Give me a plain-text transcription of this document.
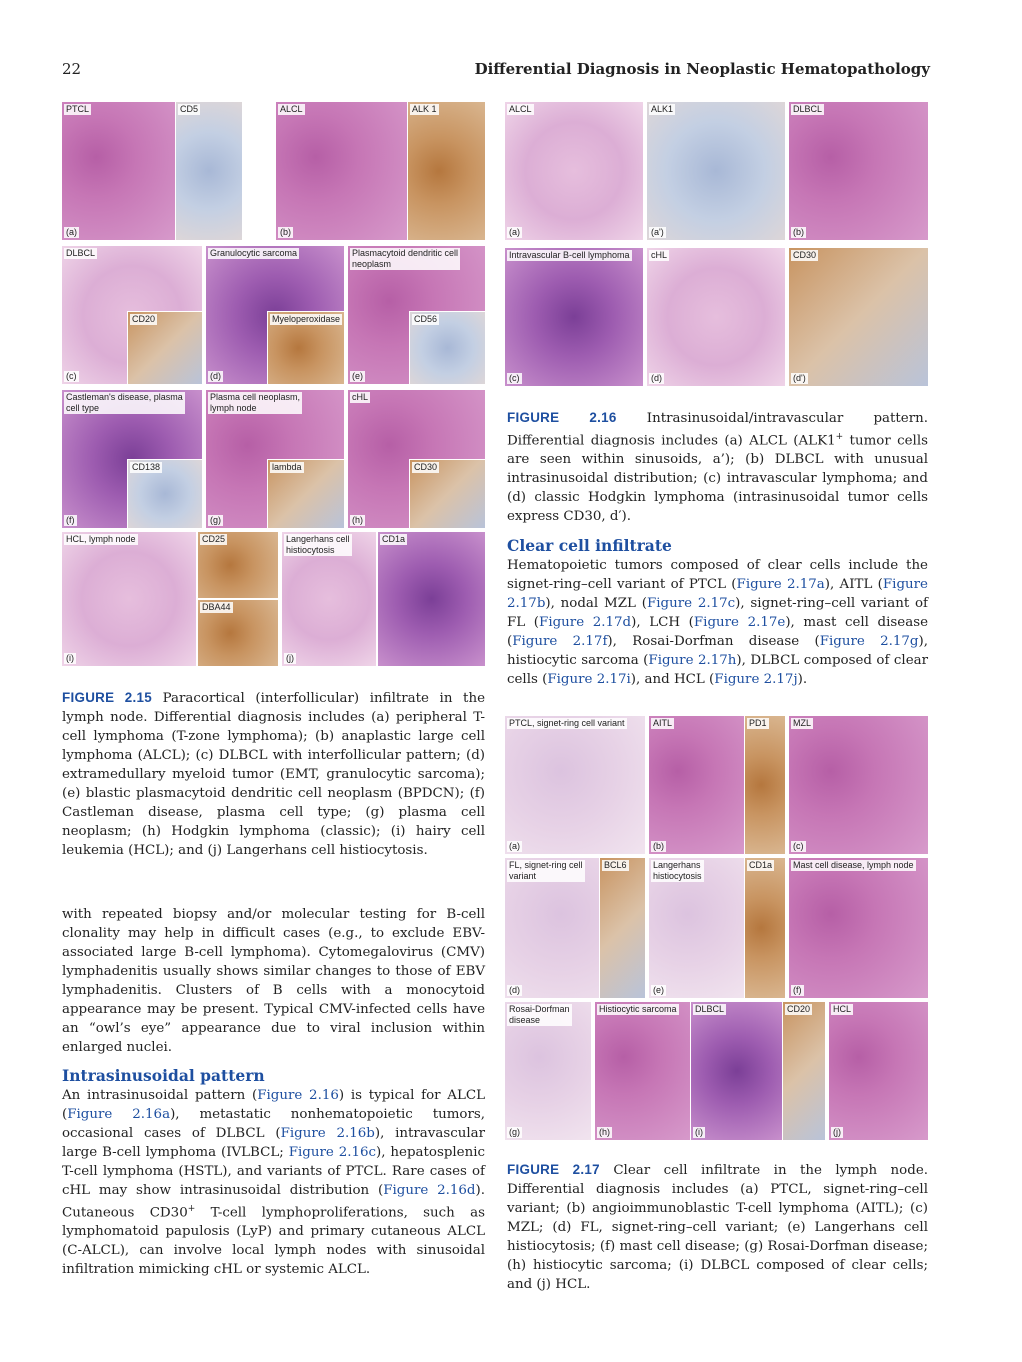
22	Differential Diagnosis in Neoplastic Hematopathology
PTCL
(a)
CD5	ALCL
(b)
ALK 1
DLBCL
(c)
CD20
Granulocytic sarcoma
(d)
Myeloperoxidase
Plasmacytoid dendritic cell
neoplasm
(e)
CD56
Castleman's disease, plasma
cell type
(f)
CD138
Plasma cell neoplasm,
lymph node
(g)
lambda
cHL
(h)
CD30
HCL, lymph node
(i)
CD25
DBA44
Langerhans cell
histiocytosis
(j)
CD1a
FIGURE 2.15 Paracortical (interfollicular) infiltrate in the lymph node. Differential diagnosis includes (a) peripheral T-cell lymphoma (T-zone lymphoma); (b) anaplastic large cell lymphoma (ALCL); (c) DLBCL with interfollicular pattern; (d) extramedullary myeloid tumor (EMT, granulocytic sarcoma); (e) blastic plasmacytoid dendritic cell neoplasm (BPDCN); (f) Castleman disease, plasma cell type; (g) plasma cell neoplasm; (h) Hodgkin lymphoma (classic); (i) hairy cell leukemia (HCL); and (j) Langerhans cell histiocytosis.
with repeated biopsy and/or molecular testing for B-cell clonality may help in difficult cases (e.g., to exclude EBV-associated large B-cell lymphoma). Cytomegalovirus (CMV) lymphadenitis usually shows similar changes to those of EBV lymphadenitis. Clusters of B cells with a monocytoid appearance may be present. Typical CMV-infected cells have an “owl’s eye” appearance due to viral inclusion within enlarged nuclei.
Intrasinusoidal pattern
An intrasinusoidal pattern (Figure 2.16) is typical for ALCL (Figure 2.16a), metastatic nonhematopoietic tumors, occasional cases of DLBCL (Figure 2.16b), intravascular large B-cell lymphoma (IVLBCL; Figure 2.16c), hepatosplenic T-cell lymphoma (HSTL), and variants of PTCL. Rare cases of cHL may show intrasinusoidal distribution (Figure 2.16d). Cutaneous CD30+ T-cell lymphoproliferations, such as lymphomatoid papulosis (LyP) and primary cutaneous ALCL (C-ALCL), can involve local lymph nodes with sinusoidal infiltration mimicking cHL or systemic ALCL.
ALCL
(a)
ALK1
(a')
DLBCL
(b)
Intravascular B-cell lymphoma
(c)
cHL
(d)
CD30
(d')
FIGURE 2.16 Intrasinusoidal/intravascular pattern. Differential diagnosis includes (a) ALCL (ALK1+ tumor cells are seen within sinusoids, a’); (b) DLBCL with unusual intrasinusoidal distribution; (c) intravascular lymphoma; and (d) classic Hodgkin lymphoma (intrasinusoidal tumor cells express CD30, d′).
Clear cell infiltrate
Hematopoietic tumors composed of clear cells include the signet-ring–cell variant of PTCL (Figure 2.17a), AITL (Figure 2.17b), nodal MZL (Figure 2.17c), signet-ring–cell variant of FL (Figure 2.17d), LCH (Figure 2.17e), mast cell disease (Figure 2.17f), Rosai-Dorfman disease (Figure 2.17g), histiocytic sarcoma (Figure 2.17h), DLBCL composed of clear cells (Figure 2.17i), and HCL (Figure 2.17j).
PTCL, signet-ring cell variant
(a)
AITL
(b)
PD1	MZL
(c)
FL, signet-ring cell
variant
(d)
BCL6	Langerhans
histiocytosis
(e)
CD1a Mast cell disease, lymph node
(f)
Rosai-Dorfman
disease
(g)
Histiocytic sarcoma
(h)
DLBCL
(i)
CD20	HCL
(j)
FIGURE 2.17 Clear cell infiltrate in the lymph node. Differential diagnosis includes (a) PTCL, signet-ring–cell variant; (b) angioimmunoblastic T-cell lymphoma (AITL); (c) MZL; (d) FL, signet-ring–cell variant; (e) Langerhans cell histiocytosis; (f) mast cell disease; (g) Rosai-Dorfman disease; (h) histiocytic sarcoma; (i) DLBCL composed of clear cells; and (j) HCL.
